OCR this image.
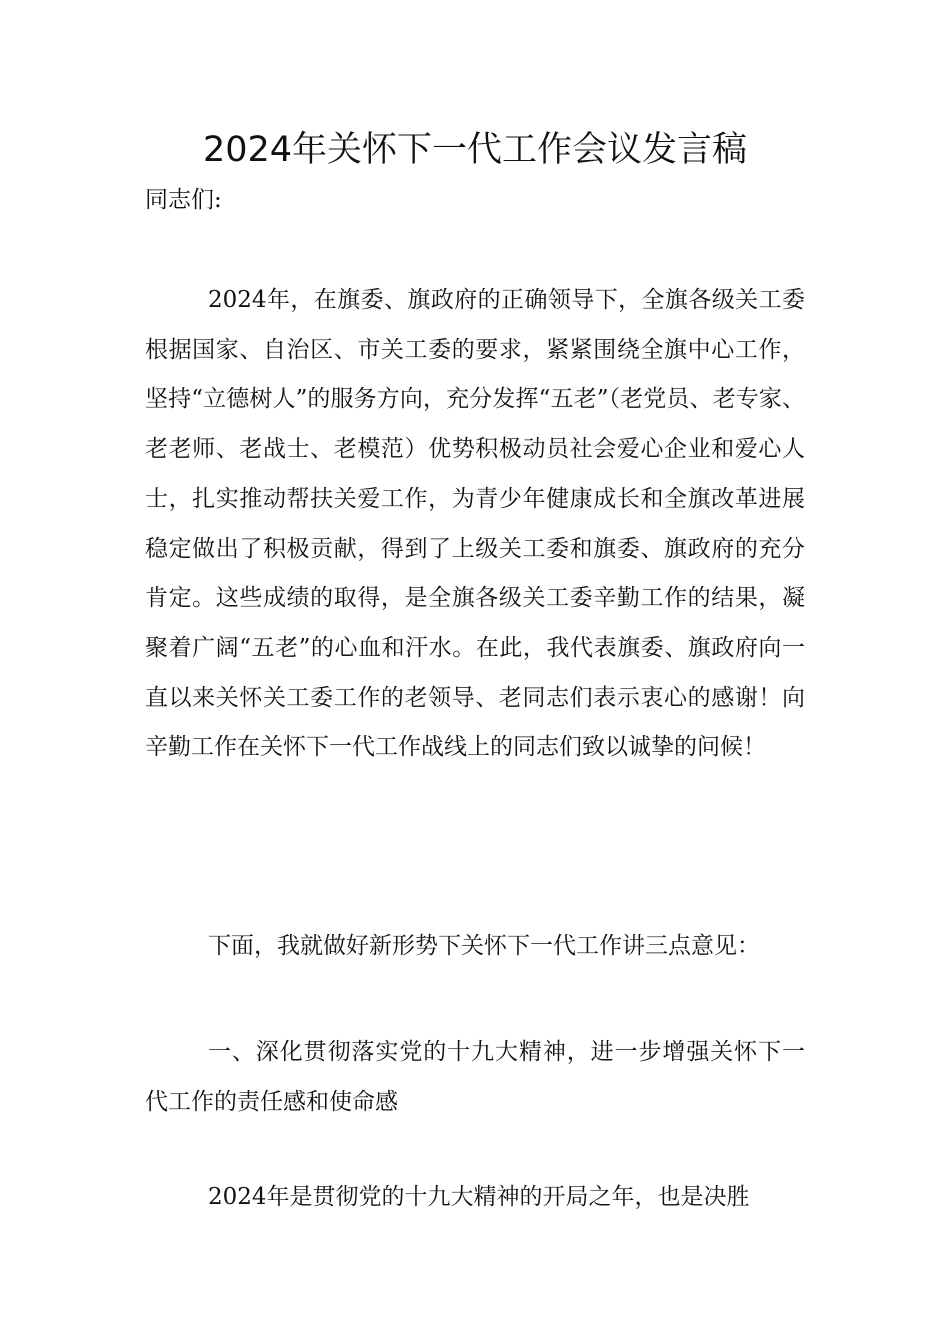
2024年关怀下一代工作会议发言稿
同志们:
2024年，在旗委、旗政府的正确领导下，全旗各级关工委根据国家、自治区、市关工委的要求，紧紧围绕全旗中心工作，坚持“立德树人”的服务方向，充分发挥“五老”（老党员、老专家、老老师、老战士、老模范）优势积极动员社会爱心企业和爱心人士，扎实推动帮扶关爱工作，为青少年健康成长和全旗改革进展稳定做出了积极贡献，得到了上级关工委和旗委、旗政府的充分肯定。这些成绩的取得，是全旗各级关工委辛勤工作的结果，凝聚着广阔“五老”的心血和汗水。在此，我代表旗委、旗政府向一直以来关怀关工委工作的老领导、老同志们表示衷心的感谢！向辛勤工作在关怀下一代工作战线上的同志们致以诚挚的问候！
下面，我就做好新形势下关怀下一代工作讲三点意见：
一、深化贯彻落实党的十九大精神，进一步增强关怀下一代工作的责任感和使命感
2024年是贯彻党的十九大精神的开局之年，也是决胜
